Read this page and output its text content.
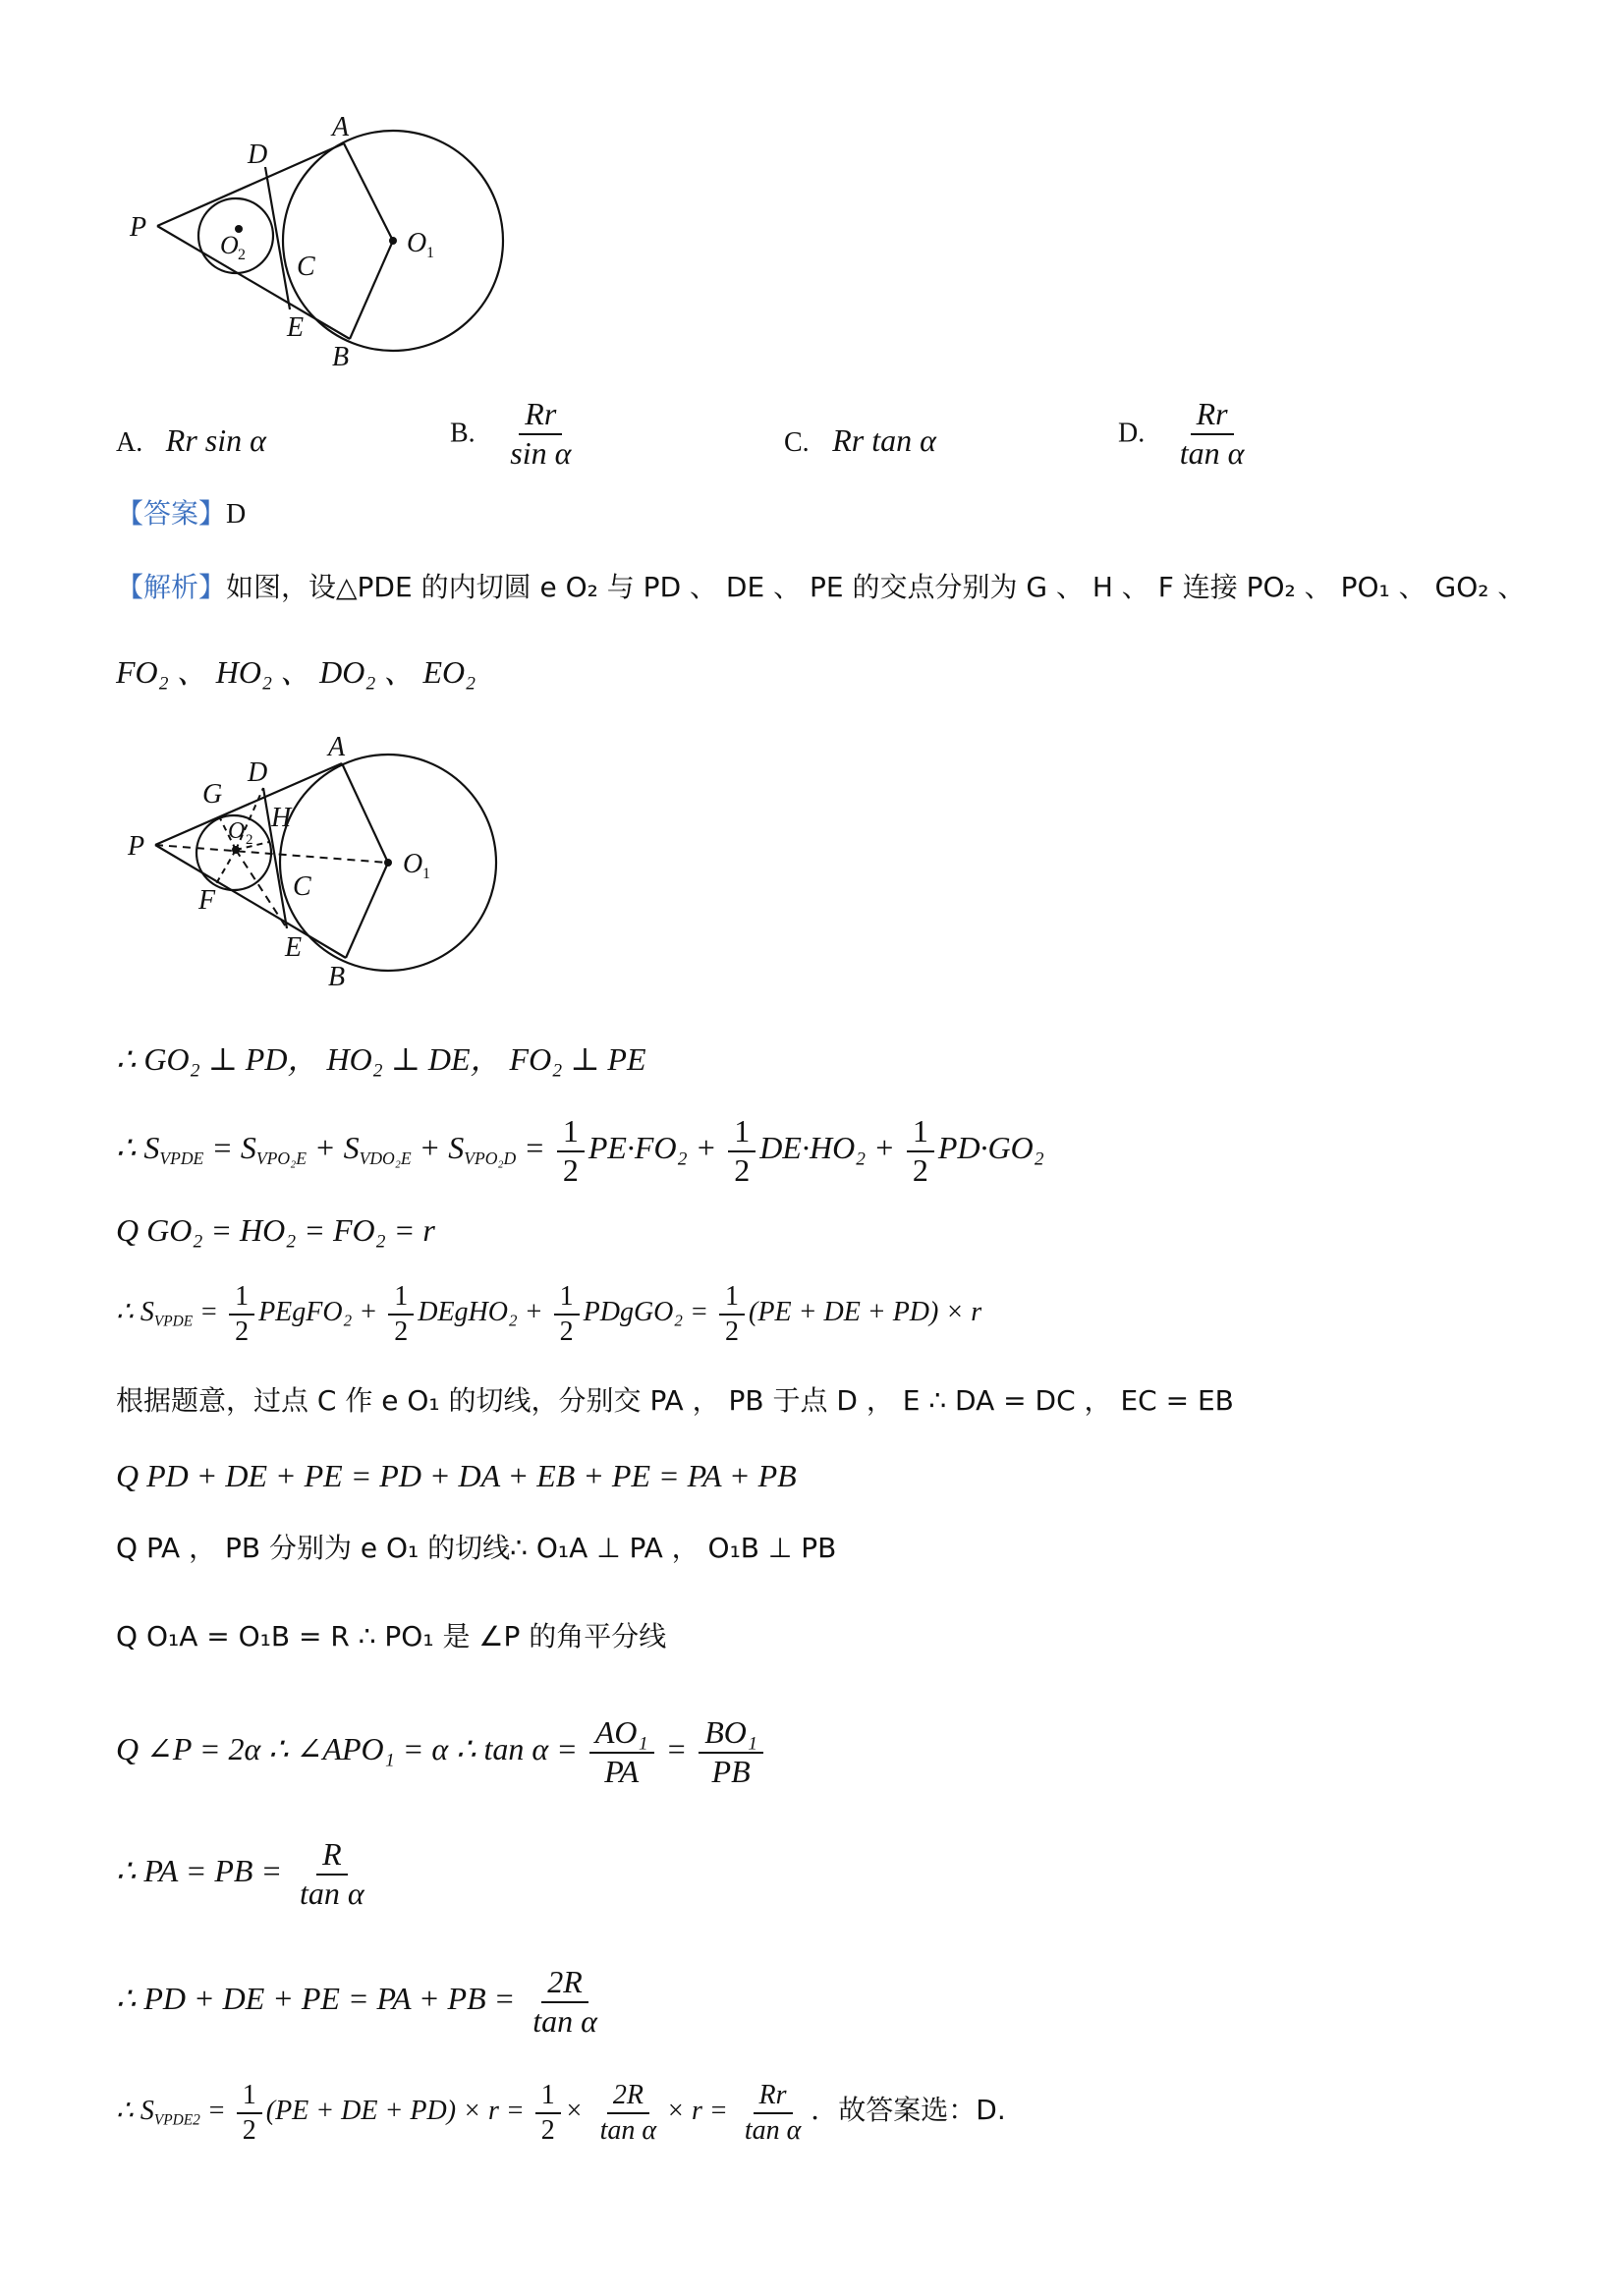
A
D
P
O 2	O 1
C
E
B
A. Rr sin α	B. $\frac{Rr}{\text{sin α}}$	C. Rr tan α	D. $\frac{Rr}{\text{tan α}}$
【答案】D
【解析】如图，设△PDE 的内切圆 e O₂ 与 PD 、 DE 、 PE 的交点分别为 G 、 H 、 F 连接 PO₂ 、 PO₁ 、 GO₂ 、
FO₂ 、 HO₂ 、 DO₂ 、 EO₂
A
D
G
H
P	O 2
O 1
F	C
E
B
∴ GO₂ ⊥ PD， HO₂ ⊥ DE， FO₂ ⊥ PE
∴ $S_{VPDE} = S_{VPO_2E} + S_{VDO_2E} + S_{VPO_2D} = \frac{1}{2} PE\cdot FO_2 + \frac{1}{2} DE\cdot HO_2 + \frac{1}{2} PD\cdot GO_2$
Q GO₂ = HO₂ = FO₂ = r
∴ $S_{VPDE} = \frac{1}{2}$ PEgFO₂ + $\frac{1}{2}$ DEgHO₂ + $\frac{1}{2}$ PDgGO₂ = $\frac{1}{2} (PE$ + DE + PD) × r
根据题意，过点 C 作 e O₁ 的切线，分别交 PA ， PB 于点 D ， E ∴ DA = DC ， EC = EB
Q PD + DE + PE = PD + DA + EB + PE = PA + PB
Q PA ， PB 分别为 e O₁ 的切线∴ O₁A ⊥ PA ， O₁B ⊥ PB
Q O₁A = O₁B = R ∴ PO₁ 是 ∠P 的角平分线
Q ∠P = 2α ∴ ∠APO₁ = α ∴ $\tan \alpha = \frac{\text{AO₁}}{PA} = \frac{\text{BO₁}}{PB}$
∴ PA = PB = $\frac{R}{\text{tan α}}$
∴ PD + DE + PE = PA + PB = $\frac{2R}{\text{tan α}}$
∴ $S_{VPDE2} = \frac{1}{2} (PE$ + DE + $PD) \times r = \frac{1}{2} \times \frac{2R}{\text{tan α}} \times r = \frac{Rr}{\text{tan α}}$ ．故答案选：D.
